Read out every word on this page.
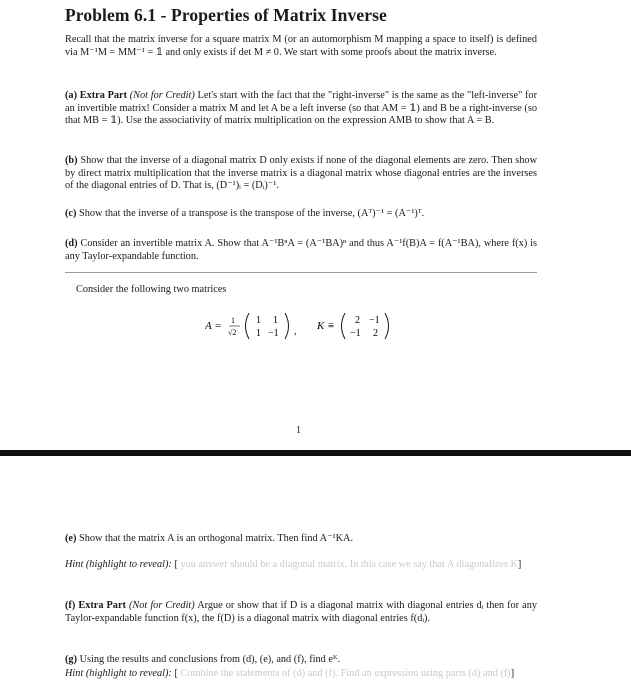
Problem 6.1 - Properties of Matrix Inverse
Recall that the matrix inverse for a square matrix M (or an automorphism M mapping a space to itself) is defined via M⁻¹M = MM⁻¹ = 𝟙 and only exists if det M ≠ 0. We start with some proofs about the matrix inverse.
(a) Extra Part (Not for Credit) Let's start with the fact that the "right-inverse" is the same as the "left-inverse" for an invertible matrix! Consider a matrix M and let A be a left inverse (so that AM = 𝟙) and B be a right-inverse (so that MB = 𝟙). Use the associativity of matrix multiplication on the expression AMB to show that A = B.
(b) Show that the inverse of a diagonal matrix D only exists if none of the diagonal elements are zero. Then show by direct matrix multiplication that the inverse matrix is a diagonal matrix whose diagonal entries are the inverses of the diagonal entries of D. That is, (D⁻¹)ᵢ = (Dᵢ)⁻¹.
(c) Show that the inverse of a transpose is the transpose of the inverse, (Aᵀ)⁻¹ = (A⁻¹)ᵀ.
(d) Consider an invertible matrix A. Show that A⁻¹BⁿA = (A⁻¹BA)ⁿ and thus A⁻¹f(B)A = f(A⁻¹BA), where f(x) is any Taylor-expandable function.
Consider the following two matrices
A = 1
√2
1 1
1 −1 , K ≡ 2 −1
−1 2
1
(e) Show that the matrix A is an orthogonal matrix. Then find A⁻¹KA.
Hint (highlight to reveal): [ you answer should be a diagonal matrix. In this case we say that A diagonalizes K]
(f) Extra Part (Not for Credit) Argue or show that if D is a diagonal matrix with diagonal entries dᵢ then for any Taylor-expandable function f(x), the f(D) is a diagonal matrix with diagonal entries f(dᵢ).
(g) Using the results and conclusions from (d), (e), and (f), find eᴷ.
Hint (highlight to reveal): [ Combine the statements of (d) and (f). Find an expression using parts (d) and (f)]
